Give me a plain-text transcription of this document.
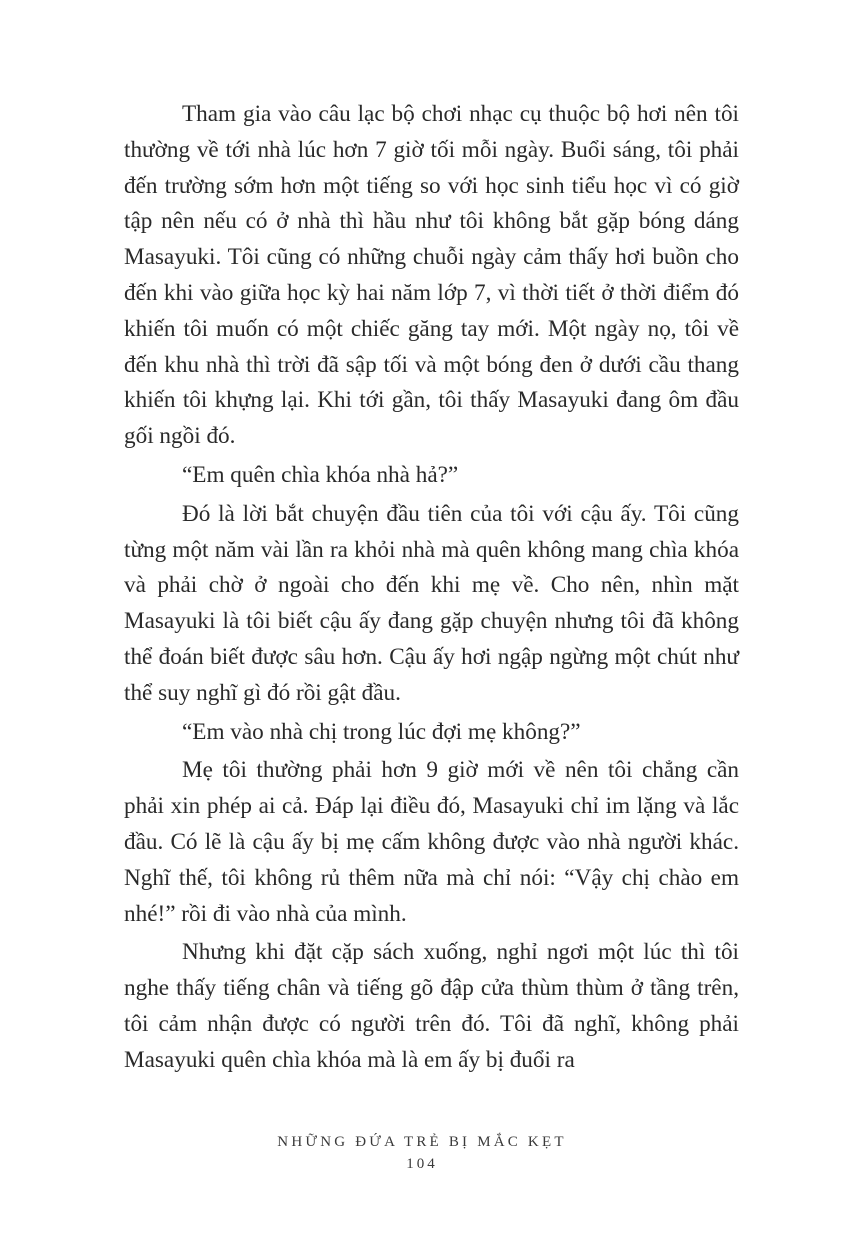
Tham gia vào câu lạc bộ chơi nhạc cụ thuộc bộ hơi nên tôi thường về tới nhà lúc hơn 7 giờ tối mỗi ngày. Buổi sáng, tôi phải đến trường sớm hơn một tiếng so với học sinh tiểu học vì có giờ tập nên nếu có ở nhà thì hầu như tôi không bắt gặp bóng dáng Masayuki. Tôi cũng có những chuỗi ngày cảm thấy hơi buồn cho đến khi vào giữa học kỳ hai năm lớp 7, vì thời tiết ở thời điểm đó khiến tôi muốn có một chiếc găng tay mới. Một ngày nọ, tôi về đến khu nhà thì trời đã sập tối và một bóng đen ở dưới cầu thang khiến tôi khựng lại. Khi tới gần, tôi thấy Masayuki đang ôm đầu gối ngồi đó.

“Em quên chìa khóa nhà hả?”

Đó là lời bắt chuyện đầu tiên của tôi với cậu ấy. Tôi cũng từng một năm vài lần ra khỏi nhà mà quên không mang chìa khóa và phải chờ ở ngoài cho đến khi mẹ về. Cho nên, nhìn mặt Masayuki là tôi biết cậu ấy đang gặp chuyện nhưng tôi đã không thể đoán biết được sâu hơn. Cậu ấy hơi ngập ngừng một chút như thể suy nghĩ gì đó rồi gật đầu.

“Em vào nhà chị trong lúc đợi mẹ không?”

Mẹ tôi thường phải hơn 9 giờ mới về nên tôi chẳng cần phải xin phép ai cả. Đáp lại điều đó, Masayuki chỉ im lặng và lắc đầu. Có lẽ là cậu ấy bị mẹ cấm không được vào nhà người khác. Nghĩ thế, tôi không rủ thêm nữa mà chỉ nói: “Vậy chị chào em nhé!” rồi đi vào nhà của mình.

Nhưng khi đặt cặp sách xuống, nghỉ ngơi một lúc thì tôi nghe thấy tiếng chân và tiếng gõ đập cửa thùm thùm ở tầng trên, tôi cảm nhận được có người trên đó. Tôi đã nghĩ, không phải Masayuki quên chìa khóa mà là em ấy bị đuổi ra

NHỮNG ĐỨA TRẺ BỊ MẮC KẸT
104
